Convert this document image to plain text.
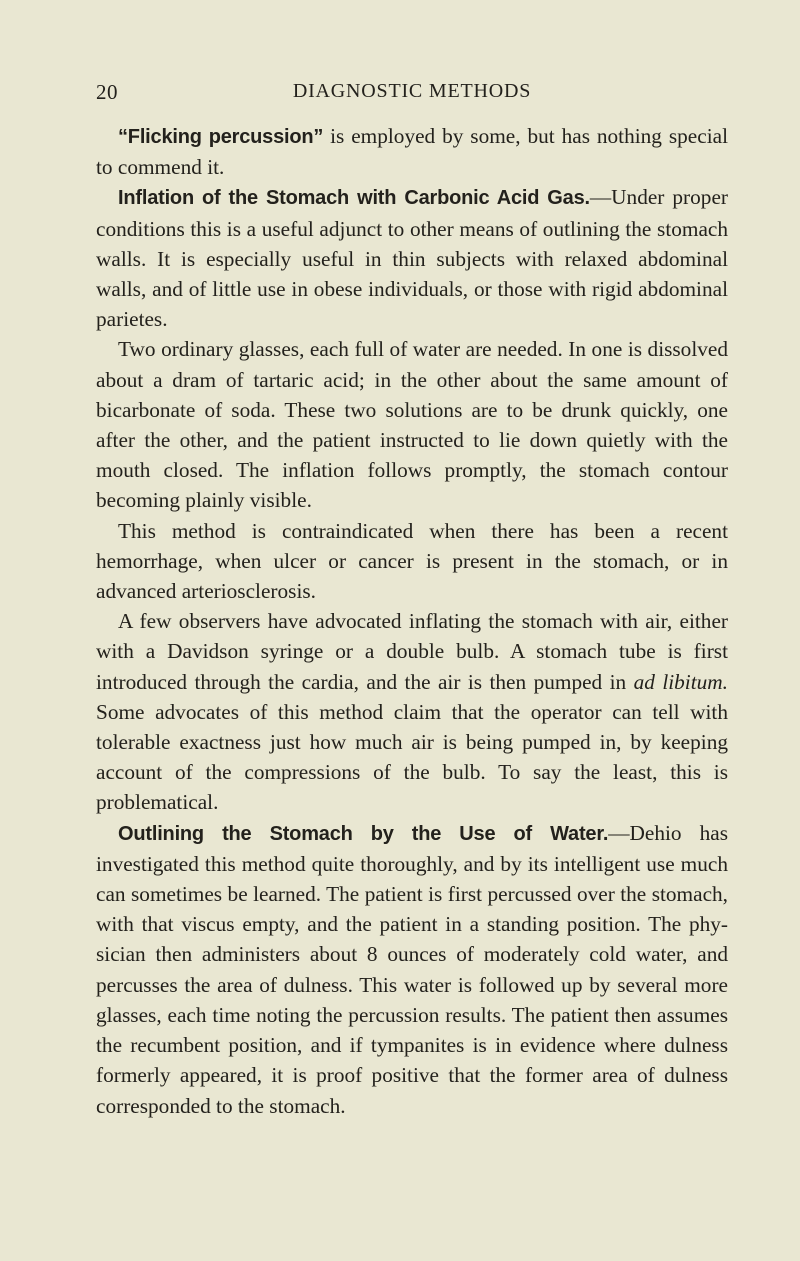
20	DIAGNOSTIC METHODS

“Flicking percussion” is employed by some, but has nothing special to commend it.

Inflation of the Stomach with Carbonic Acid Gas.—Under proper conditions this is a useful adjunct to other means of outlining the stomach walls. It is especially useful in thin subjects with relaxed abdominal walls, and of little use in obese individuals, or those with rigid abdominal parietes.

Two ordinary glasses, each full of water are needed. In one is dissolved about a dram of tartaric acid; in the other about the same amount of bicarbonate of soda. These two solutions are to be drunk quickly, one after the other, and the patient instructed to lie down quietly with the mouth closed. The inflation follows promptly, the stomach contour becoming plainly visible.

This method is contraindicated when there has been a recent hemorrhage, when ulcer or cancer is present in the stomach, or in advanced arteriosclerosis.

A few observers have advocated inflating the stomach with air, either with a Davidson syringe or a double bulb. A stomach tube is first introduced through the cardia, and the air is then pumped in ad libitum. Some advocates of this method claim that the operator can tell with tolerable exactness just how much air is being pumped in, by keeping account of the compressions of the bulb. To say the least, this is problematical.

Outlining the Stomach by the Use of Water.—Dehio has investigated this method quite thoroughly, and by its intelligent use much can sometimes be learned. The patient is first percussed over the stomach, with that viscus empty, and the patient in a standing position. The physician then administers about 8 ounces of moderately cold water, and percusses the area of dulness. This water is followed up by several more glasses, each time noting the percussion results. The patient then assumes the recumbent position, and if tympanites is in evidence where dulness formerly appeared, it is proof positive that the former area of dulness corresponded to the stomach.
